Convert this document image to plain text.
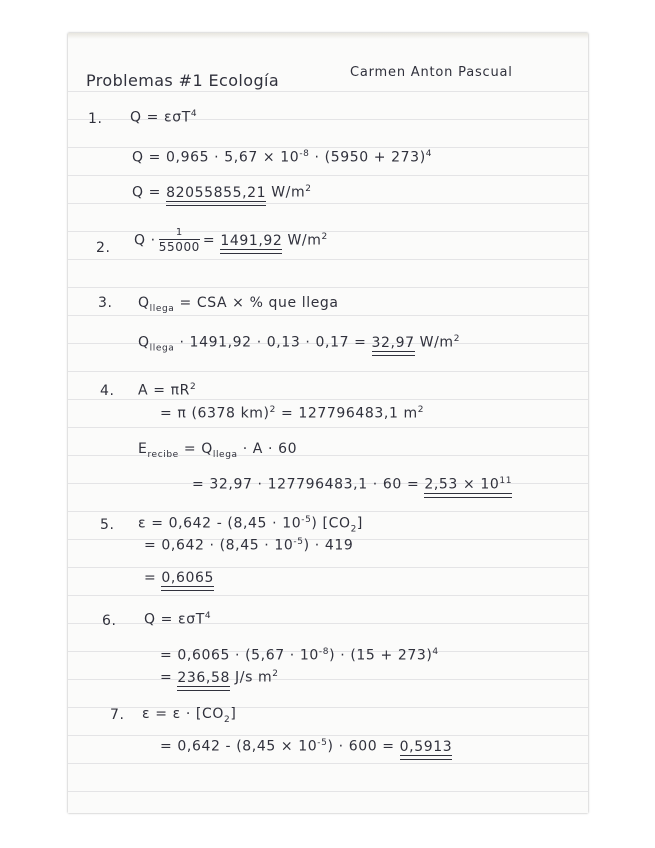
Problemas #1 Ecología	Carmen Anton Pascual
1. Q = εσT$^4$
$Q = 0,965 \cdot 5,67 \times 10^{-8} \cdot (5950 + 273)^4$
Q = 82055855,21 $W/m^2$
2. $Q \cdot \frac{1}{55000} = 1491,92$ $W/m^2$
3. $Q_{llega}$ = CSA × % que llega
$Q_{llega} \cdot 1491,92 \cdot 0,13 \cdot 0,17 = 32,97$ $W/m^2$
4. $A = \pi R^2$
= π (6378 km)$^2$ = 127796483,1 $m^2$
$E_{recibe} = Q_{llega} \cdot A \cdot 60$
= $32,97 \cdot 127796483,1 \cdot 60 = 2,53 \times 10^{11}$
5. $\varepsilon = 0,642 - (8,45 \cdot 10^{-5})$ $[CO_2]$
= $0,642 \cdot (8,45 \cdot 10^{-5}) \cdot 419$
= 0,6065
6. Q = εσT$^4$
= $0,6065 \cdot (5,67 \cdot 10^{-8}) \cdot (15 + 273)^4$
= 236,58 J/s $m^2$
7. $\varepsilon = \varepsilon \cdot [CO_2]$
= $0,642 - (8,45 \times 10^{-5}) \cdot 600 = 0,5913$
